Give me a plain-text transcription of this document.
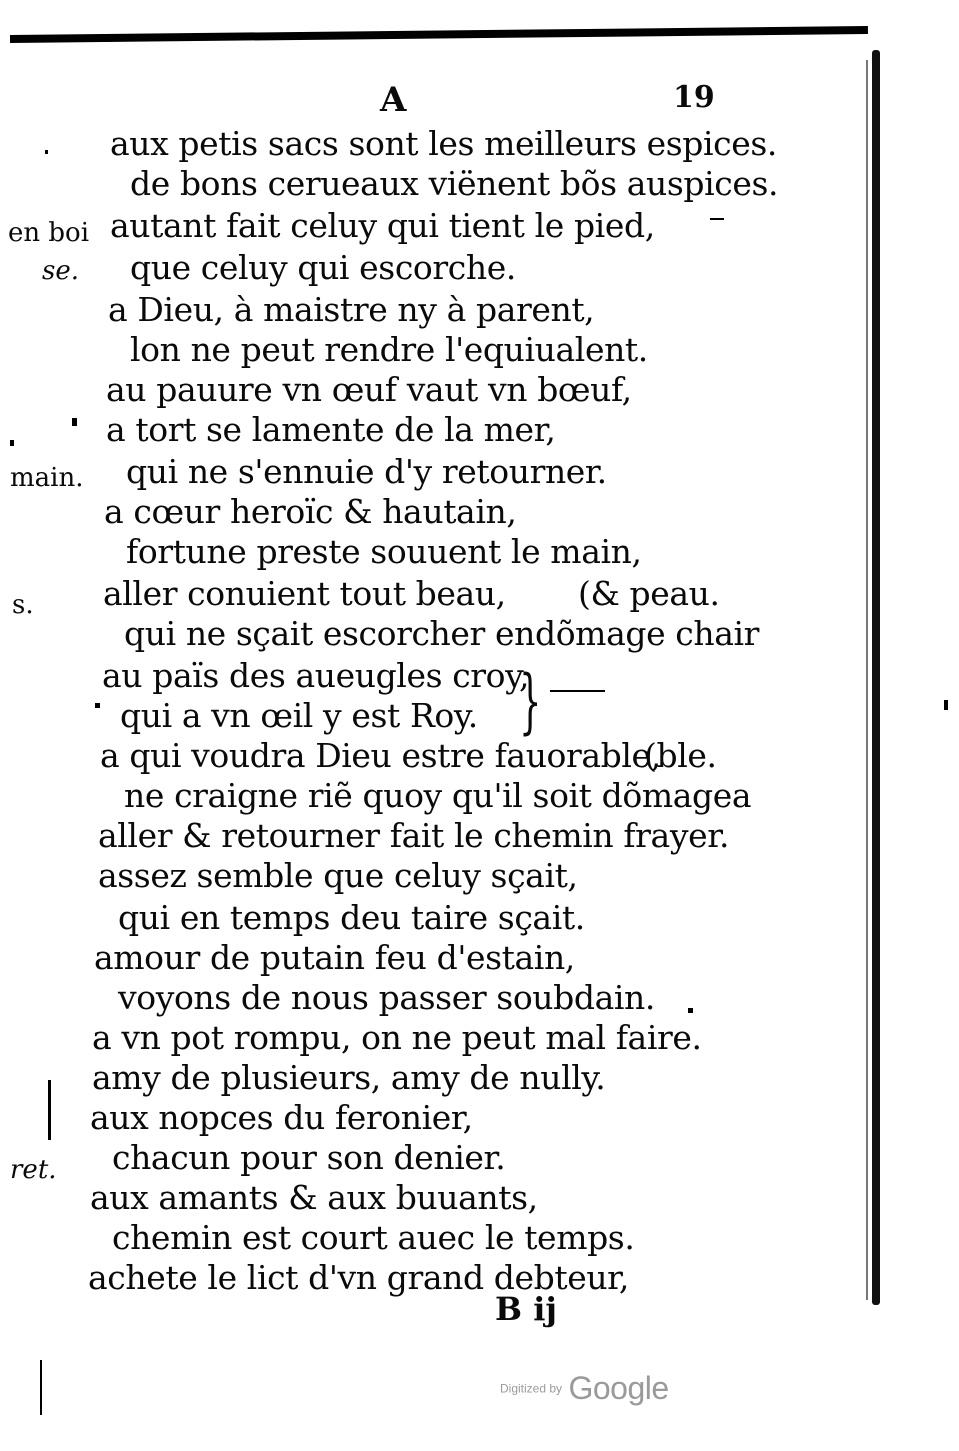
A	19
en boi
se.
main.
s.
ret.
aux petis sacs sont les meilleurs espices.
de bons cerueaux viënent bõs auspices.
autant fait celuy qui tient le pied,
que celuy qui escorche.
a Dieu, à maistre ny à parent,
lon ne peut rendre l'equiualent.
au pauure vn œuf vaut vn bœuf,
a tort se lamente de la mer,
qui ne s'ennuie d'y retourner.
a cœur heroïc & hautain,
fortune preste souuent le main,
aller conuient tout beau, (& peau.
qui ne sçait escorcher endõmage chair
au païs des aueugles croy,
qui a vn œil y est Roy.
a qui voudra Dieu estre fauorable,
(ble.
ne craigne riẽ quoy qu'il soit dõmagea
aller & retourner fait le chemin frayer.
assez semble que celuy sçait,
qui en temps deu taire sçait.
amour de putain feu d'estain,
voyons de nous passer soubdain.
a vn pot rompu, on ne peut mal faire.
amy de plusieurs, amy de nully.
aux nopces du feronier,
chacun pour son denier.
aux amants & aux buuants,
chemin est court auec le temps.
achete le lict d'vn grand debteur,
}
B ij
Digitized by Google
